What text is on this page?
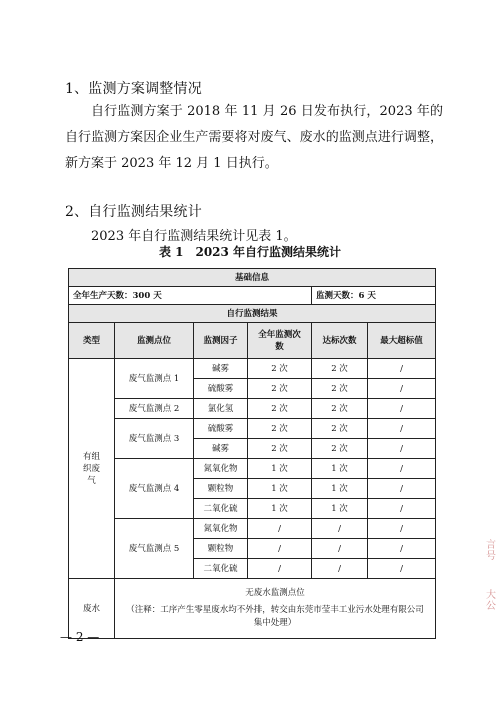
1、监测方案调整情况
自行监测方案于 2018 年 11 月 26 日发布执行，2023 年的自行监测方案因企业生产需要将对废气、废水的监测点进行调整，新方案于 2023 年 12 月 1 日执行。
2、自行监测结果统计
2023 年自行监测结果统计见表 1。
表 1　2023 年自行监测结果统计
基础信息					
全年生产天数：300 天				监测天数：6 天	
自行监测结果					
类型	监测点位	监测因子	全年监测次数	达标次数	最大超标值
有组织废气	废气监测点 1	碱雾	2 次	2 次	/
		硫酸雾	2 次	2 次	/
	废气监测点 2	氯化氢	2 次	2 次	/
	废气监测点 3	硫酸雾	2 次	2 次	/
		碱雾	2 次	2 次	/
	废气监测点 4	氮氧化物	1 次	1 次	/
		颗粒物	1 次	1 次	/
		二氧化硫	1 次	1 次	/
	废气监测点 5	氮氧化物	/	/	/
		颗粒物	/	/	/
		二氧化硫	/	/	/
废水	无废水监测点位
（注释：工序产生零星废水均不外排，转交由东莞市莹丰工业污水处理有限公司集中处理）				
— 2 —
言
号
大
公
